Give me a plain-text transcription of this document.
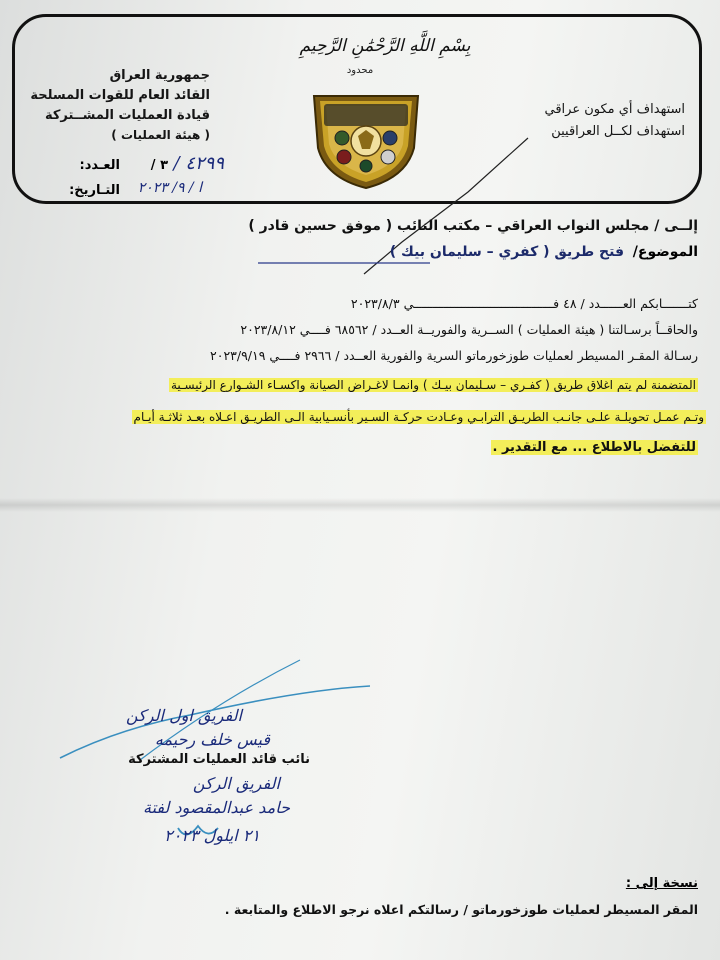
بِسْمِ اللَّهِ الرَّحْمَٰنِ الرَّحِيمِ
محدود
جمهورية العراق
القائد العام للقوات المسلحة
قيادة العمليات المشــتركة
( هيئة العمليات )
العـدد: ٣ / ٤٢٩٩ /
التـاريخ: ا / ٩/ ٢٠٢٣
استهداف أي مكون عراقي
استهداف لكــل العراقيين
إلــى / مجلس النواب العراقي – مكتب النائب ( موفق حسين قادر )
الموضوع/
فتح طريق ( كفري – سليمان بيك )
كتـــــــابكم العــــــدد / ٤٨ فــــــــــــــــــــــــــــــــــــــي ٢٠٢٣/٨/٣
والحاقــاً برسـالتنا ( هيئة العمليات ) الســرية والفوريــة العــدد / ٦٨٥٦٢ فــــي ٢٠٢٣/٨/١٢
رسـالة المقـر المسيطر لعمليات طوزخورماتو السرية والفورية العــدد / ٢٩٦٦ فــــي ٢٠٢٣/٩/١٩
المتضمنة لم يتم اغلاق طريق ( كفـري – سـليمان بيـك ) وانمـا لاغـراض الصيانة واكسـاء الشـوارع الرئيسـية
وتـم عمـل تحويلـة علـى جانـب الطريـق الترابـي وعـادت حركـة السـير بأنسـيابية الـى الطريـق اعـلاه بعـد ثلاثـة أيـام
للتفضل بالاطلاع ... مع التقدير .
الفريق اول الركن
قيس خلف رحيمه
نائب قائد العمليات المشتركة
الفريق الركن
حامد عبدالمقصود لفتة
٢١ ايلول ٢٠٢٣
نسخة إلى :
المقر المسيطر لعمليات طوزخورماتو / رسالتكم اعلاه نرجو الاطلاع والمتابعة .
